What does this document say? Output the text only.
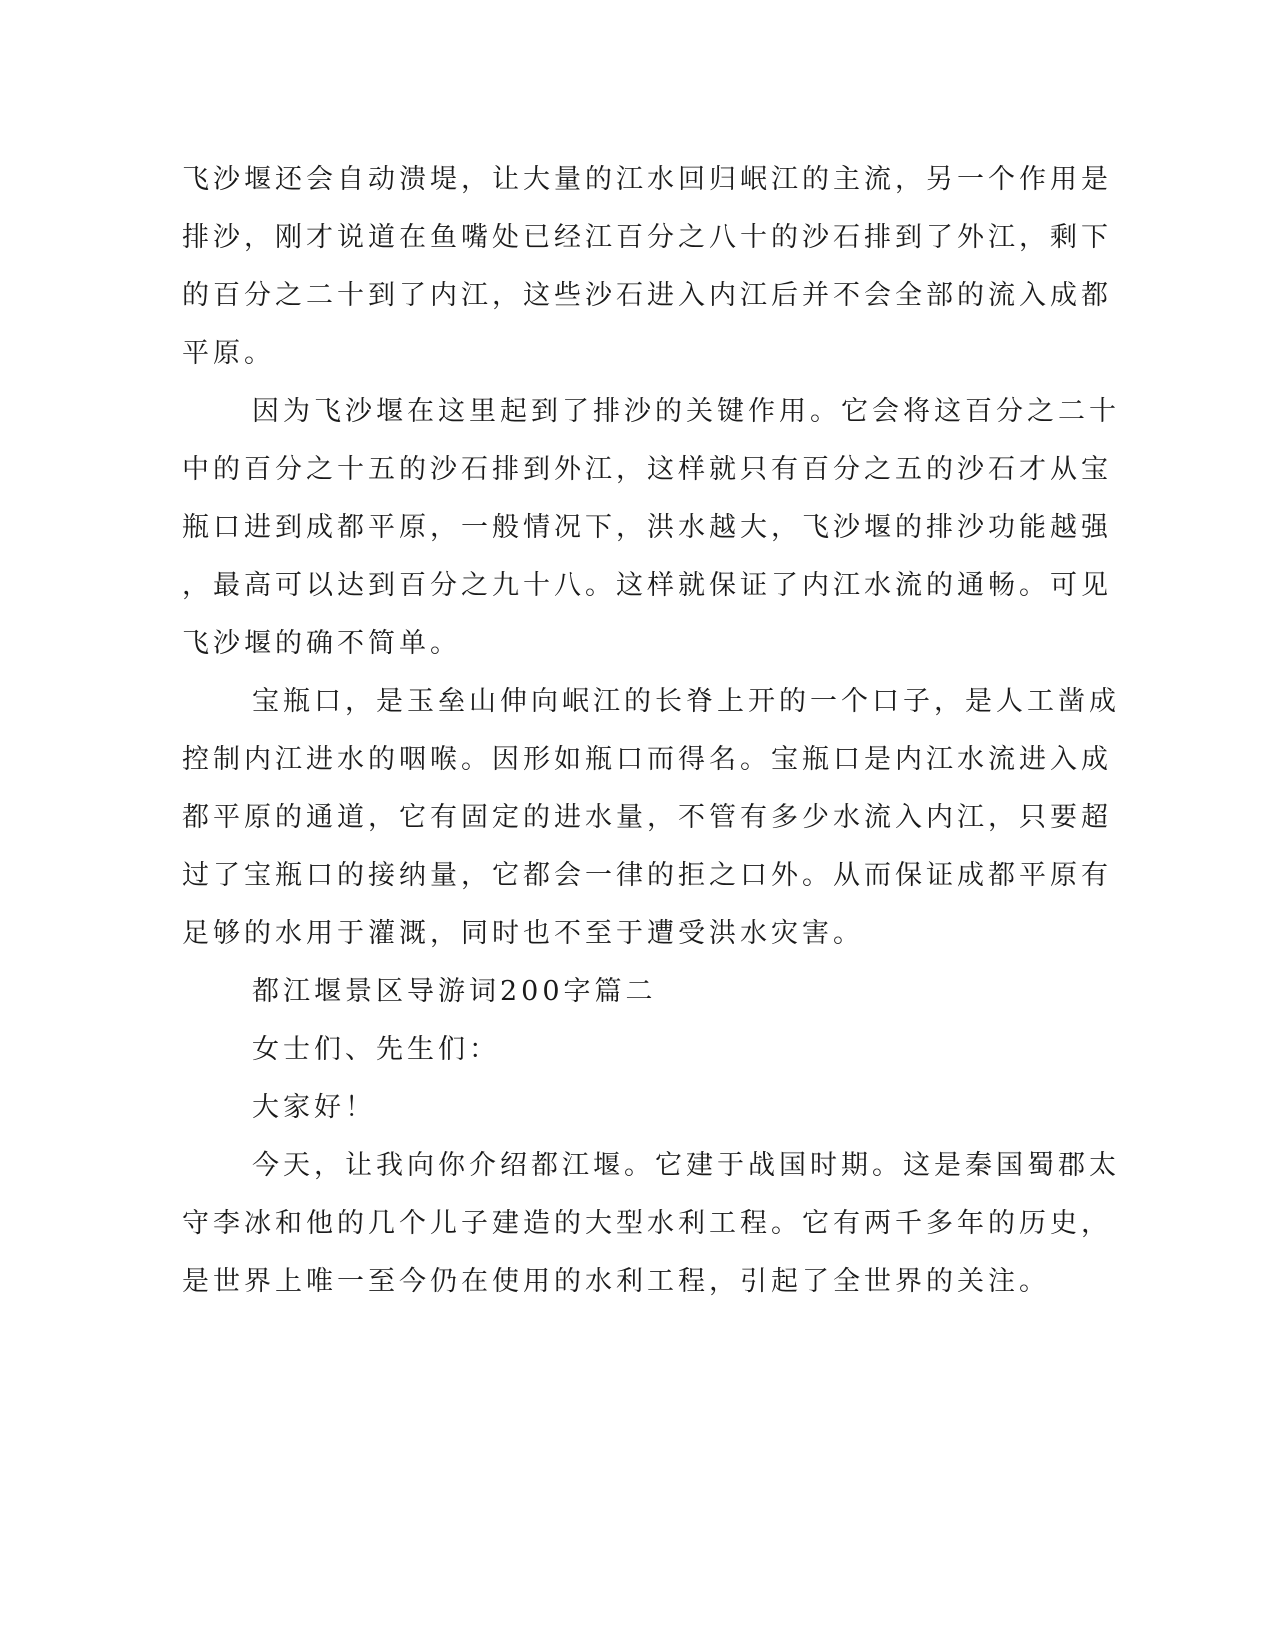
飞沙堰还会自动溃堤，让大量的江水回归岷江的主流，另一个作用是
排沙，刚才说道在鱼嘴处已经江百分之八十的沙石排到了外江，剩下
的百分之二十到了内江，这些沙石进入内江后并不会全部的流入成都
平原。
因为飞沙堰在这里起到了排沙的关键作用。它会将这百分之二十
中的百分之十五的沙石排到外江，这样就只有百分之五的沙石才从宝
瓶口进到成都平原，一般情况下，洪水越大，飞沙堰的排沙功能越强
，最高可以达到百分之九十八。这样就保证了内江水流的通畅。可见
飞沙堰的确不简单。
宝瓶口，是玉垒山伸向岷江的长脊上开的一个口子，是人工凿成
控制内江进水的咽喉。因形如瓶口而得名。宝瓶口是内江水流进入成
都平原的通道，它有固定的进水量，不管有多少水流入内江，只要超
过了宝瓶口的接纳量，它都会一律的拒之口外。从而保证成都平原有
足够的水用于灌溉，同时也不至于遭受洪水灾害。
都江堰景区导游词200字篇二
女士们、先生们：
大家好！
今天，让我向你介绍都江堰。它建于战国时期。这是秦国蜀郡太
守李冰和他的几个儿子建造的大型水利工程。它有两千多年的历史，
是世界上唯一至今仍在使用的水利工程，引起了全世界的关注。
